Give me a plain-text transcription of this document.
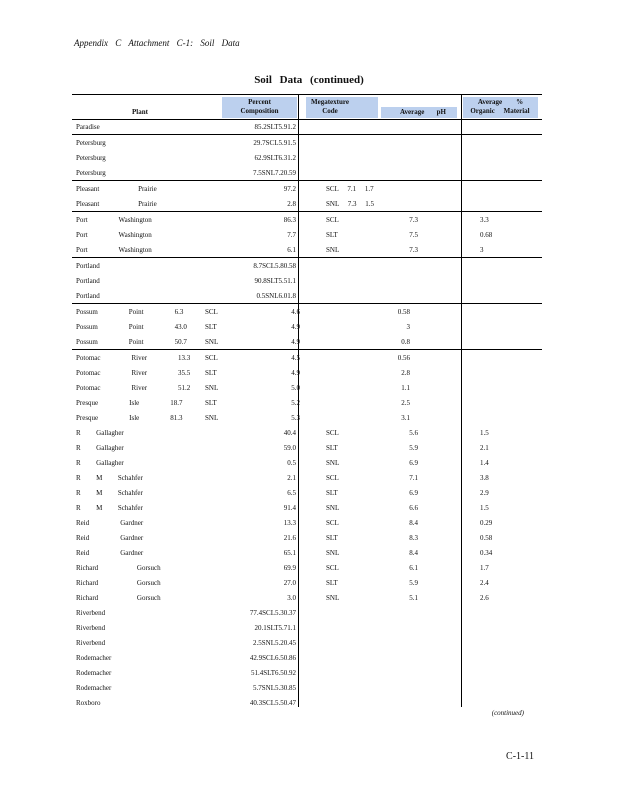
Appendix C Attachment C-1: Soil Data
Soil Data (continued)
Plant
Percent
Composition
Megatexture
Code	Average       pH
Average        %
Organic     Material
Paradise	85.2SLT5.91.2
Petersburg	29.7SCL5.91.5
Petersburg	62.9SLT6.31.2
Petersburg	7.5SNL7.20.59
Pleasant     Prairie	97.2	SCL     7.1     1.7
Pleasant     Prairie	2.8	SNL     7.3     1.5
Port    Washington	86.3	SCL	7.3	3.3
Port    Washington	7.7	SLT	7.5	0.68
Port    Washington	6.1	SNL	7.3	3
Portland	8.7SCL5.80.58
Portland	90.8SLT5.51.1
Portland	0.5SNL6.01.8
Possum    Point    6.3	SCL	4.6	0.58
Possum    Point    43.0	SLT	4.9	3
Possum    Point    50.7	SNL	4.9	0.8
Potomac    River    13.3 SCL	4.5	0.56
Potomac    River    35.5 SLT	4.9	2.8
Potomac    River    51.2 SNL	5.0	1.1
Presque    Isle    18.7	SLT	5.2	2.5
Presque    Isle    81.3	SNL	5.3	3.1
R  Gallagher	40.4	SCL	5.6	1.5
R  Gallagher	59.0	SLT	5.9	2.1
R  Gallagher	0.5	SNL	6.9	1.4
R  M  Schahfer	2.1	SCL	7.1	3.8
R  M  Schahfer	6.5	SLT	6.9	2.9
R  M  Schahfer	91.4	SNL	6.6	1.5
Reid    Gardner	13.3	SCL	8.4	0.29
Reid    Gardner	21.6	SLT	8.3	0.58
Reid    Gardner	65.1	SNL	8.4	0.34
Richard     Gorsuch	69.9	SCL	6.1	1.7
Richard     Gorsuch	27.0	SLT	5.9	2.4
Richard     Gorsuch	3.0	SNL	5.1	2.6
Riverbend	77.4SCL5.30.37
Riverbend	20.1SLT5.71.1
Riverbend	2.5SNL5.20.45
Rodemacher	42.9SCL6.50.86
Rodemacher	51.4SLT6.50.92
Rodemacher	5.7SNL5.30.85
Roxboro	40.3SCL5.50.47
(continued)
C-1-11
